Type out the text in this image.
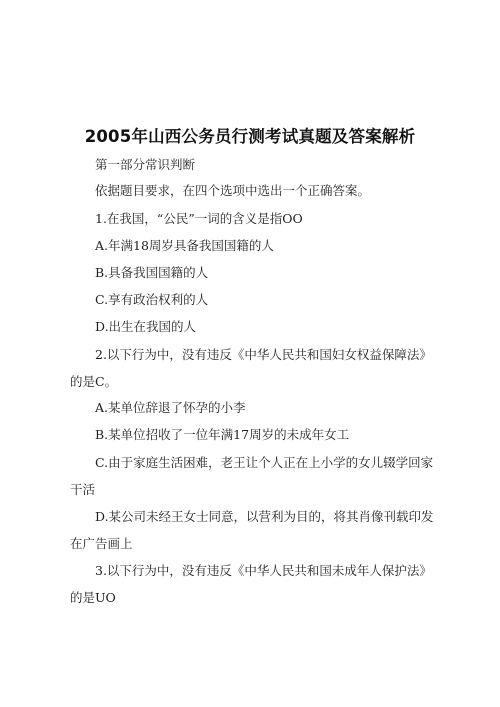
2005年山西公务员行测考试真题及答案解析
第一部分常识判断
依据题目要求，在四个选项中选出一个正确答案。
1.在我国，“公民”一词的含义是指OO
A.年满18周岁具备我国国籍的人
B.具备我国国籍的人
C.享有政治权利的人
D.出生在我国的人
2.以下行为中，没有违反《中华人民共和国妇女权益保障法》的是C。
A.某单位辞退了怀孕的小李
B.某单位招收了一位年满17周岁的未成年女工
C.由于家庭生活困难，老王让个人正在上小学的女儿辍学回家干活
D.某公司未经王女士同意，以营利为目的，将其肖像刊载印发在广告画上
3.以下行为中，没有违反《中华人民共和国未成年人保护法》的是UO
